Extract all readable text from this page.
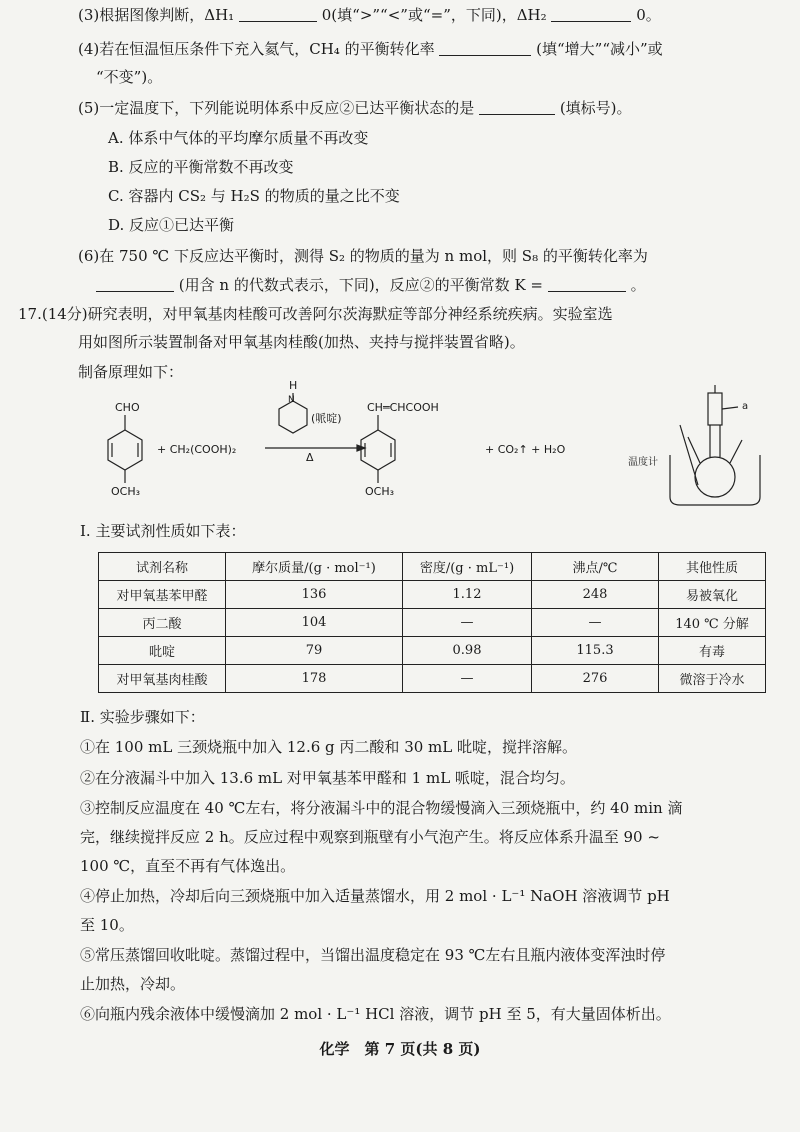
(3)根据图像判断，ΔH₁	0(填“>”“<”或“=”，下同)，ΔH₂	0。
(4)若在恒温恒压条件下充入氦气，CH₄ 的平衡转化率	(填“增大”“减小”或
“不变”)。
(5)一定温度下，下列能说明体系中反应②已达平衡状态的是	(填标号)。
A. 体系中气体的平均摩尔质量不再改变
B. 反应的平衡常数不再改变
C. 容器内 CS₂ 与 H₂S 的物质的量之比不变
D. 反应①已达平衡
(6)在 750 ℃ 下反应达平衡时，测得 S₂ 的物质的量为 n mol，则 S₈ 的平衡转化率为
(用含 n 的代数式表示，下同)，反应②的平衡常数 K =	。
17.(14分)研究表明，对甲氧基肉桂酸可改善阿尔茨海默症等部分神经系统疾病。实验室选
用如图所示装置制备对甲氧基肉桂酸(加热、夹持与搅拌装置省略)。
制备原理如下：
CHO
OCH₃
+ CH₂(COOH)₂
H
N
(哌啶)
Δ
CH═CHCOOH
OCH₃
+ CO₂↑ + H₂O
a
温度计
Ⅰ. 主要试剂性质如下表：
试剂名称	摩尔质量/(g · mol⁻¹)	密度/(g · mL⁻¹)	沸点/℃	其他性质
对甲氧基苯甲醛	136	1.12	248	易被氧化
丙二酸	104	—	—	140 ℃ 分解
吡啶	79	0.98	115.3	有毒
对甲氧基肉桂酸	178	—	276	微溶于冷水
Ⅱ. 实验步骤如下：
①在 100 mL 三颈烧瓶中加入 12.6 g 丙二酸和 30 mL 吡啶，搅拌溶解。
②在分液漏斗中加入 13.6 mL 对甲氧基苯甲醛和 1 mL 哌啶，混合均匀。
③控制反应温度在 40 ℃左右，将分液漏斗中的混合物缓慢滴入三颈烧瓶中，约 40 min 滴
完，继续搅拌反应 2 h。反应过程中观察到瓶壁有小气泡产生。将反应体系升温至 90 ~
100 ℃，直至不再有气体逸出。
④停止加热，冷却后向三颈烧瓶中加入适量蒸馏水，用 2 mol · L⁻¹ NaOH 溶液调节 pH
至 10。
⑤常压蒸馏回收吡啶。蒸馏过程中，当馏出温度稳定在 93 ℃左右且瓶内液体变浑浊时停
止加热，冷却。
⑥向瓶内残余液体中缓慢滴加 2 mol · L⁻¹ HCl 溶液，调节 pH 至 5，有大量固体析出。
化学　第 7 页(共 8 页)
